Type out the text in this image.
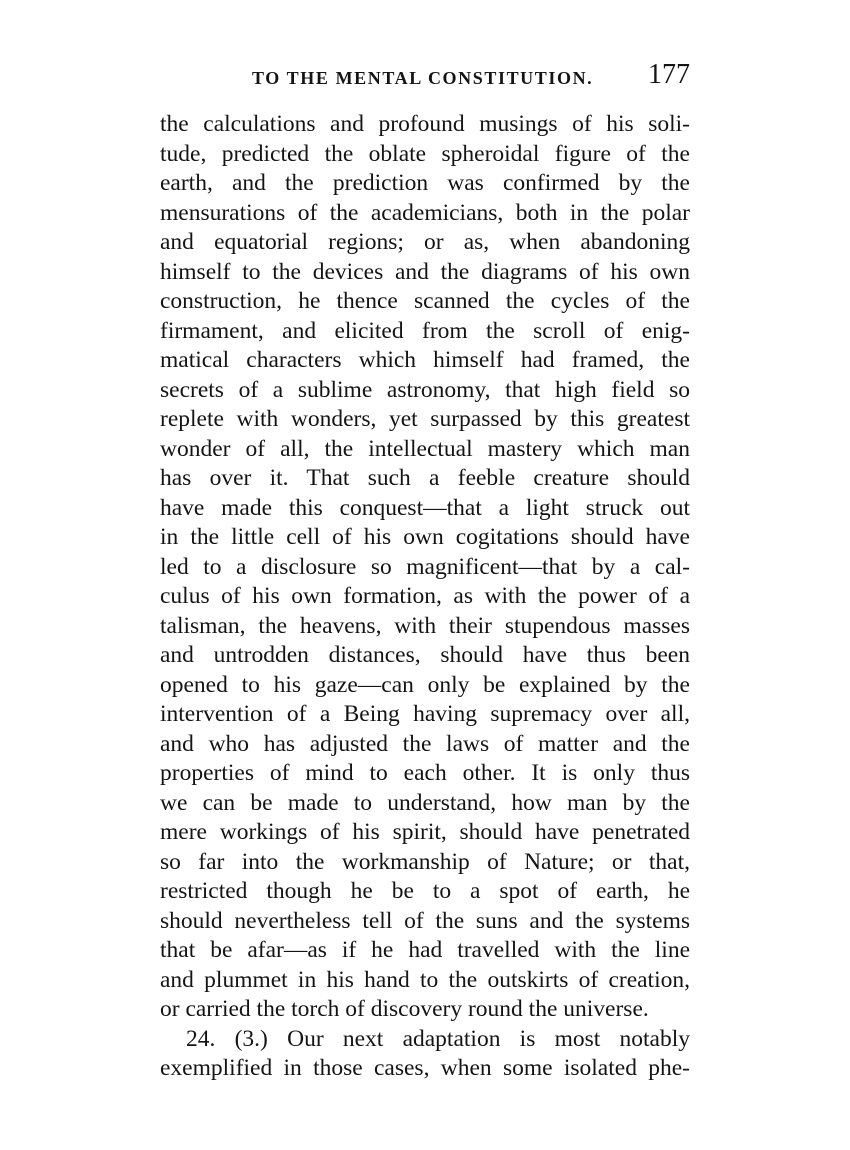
TO THE MENTAL CONSTITUTION. 177
the calculations and profound musings of his soli-
tude, predicted the oblate spheroidal figure of the
earth, and the prediction was confirmed by the
mensurations of the academicians, both in the polar
and equatorial regions; or as, when abandoning
himself to the devices and the diagrams of his own
construction, he thence scanned the cycles of the
firmament, and elicited from the scroll of enig-
matical characters which himself had framed, the
secrets of a sublime astronomy, that high field so
replete with wonders, yet surpassed by this greatest
wonder of all, the intellectual mastery which man
has over it. That such a feeble creature should
have made this conquest—that a light struck out
in the little cell of his own cogitations should have
led to a disclosure so magnificent—that by a cal-
culus of his own formation, as with the power of a
talisman, the heavens, with their stupendous masses
and untrodden distances, should have thus been
opened to his gaze—can only be explained by the
intervention of a Being having supremacy over all,
and who has adjusted the laws of matter and the
properties of mind to each other. It is only thus
we can be made to understand, how man by the
mere workings of his spirit, should have penetrated
so far into the workmanship of Nature; or that,
restricted though he be to a spot of earth, he
should nevertheless tell of the suns and the systems
that be afar—as if he had travelled with the line
and plummet in his hand to the outskirts of creation,
or carried the torch of discovery round the universe.
24. (3.) Our next adaptation is most notably
exemplified in those cases, when some isolated phe-
